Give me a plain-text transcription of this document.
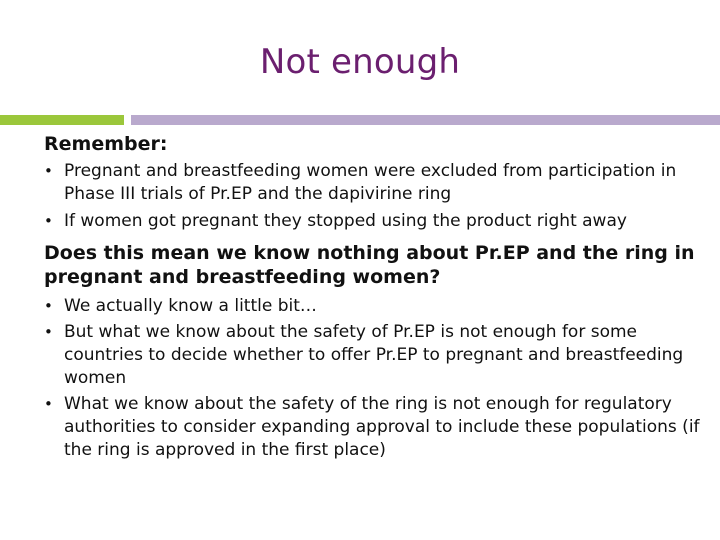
Not enough

Remember:

• Pregnant and breastfeeding women were excluded from participation in Phase III trials of Pr.EP and the dapivirine ring
• If women got pregnant they stopped using the product right away

Does this mean we know nothing about Pr.EP and the ring in pregnant and breastfeeding women?

• We actually know a little bit…
• But what we know about the safety of Pr.EP is not enough for some countries to decide whether to offer Pr.EP to pregnant and breastfeeding women
• What we know about the safety of the ring is not enough for regulatory authorities to consider expanding approval to include these populations (if the ring is approved in the first place)
